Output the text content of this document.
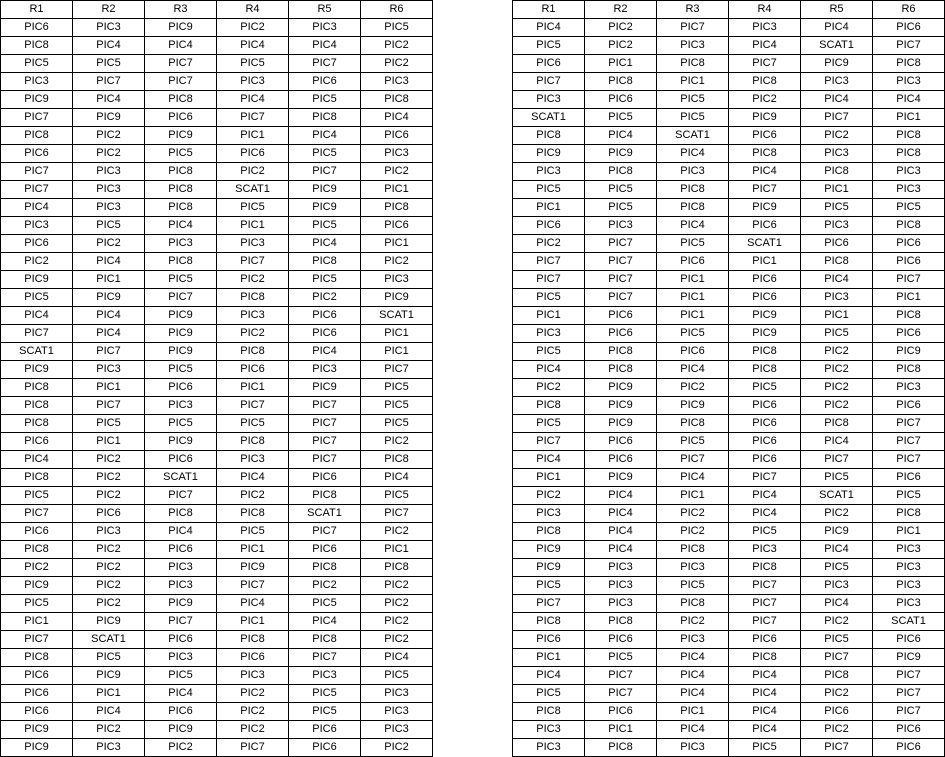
R1	R2	R3	R4	R5	R6
PIC6	PIC3	PIC9	PIC2	PIC3	PIC5
PIC8	PIC4	PIC4	PIC4	PIC4	PIC2
PIC5	PIC5	PIC7	PIC5	PIC7	PIC2
PIC3	PIC7	PIC7	PIC3	PIC6	PIC3
PIC9	PIC4	PIC8	PIC4	PIC5	PIC8
PIC7	PIC9	PIC6	PIC7	PIC8	PIC4
PIC8	PIC2	PIC9	PIC1	PIC4	PIC6
PIC6	PIC2	PIC5	PIC6	PIC5	PIC3
PIC7	PIC3	PIC8	PIC2	PIC7	PIC2
PIC7	PIC3	PIC8	SCAT1	PIC9	PIC1
PIC4	PIC3	PIC8	PIC5	PIC9	PIC8
PIC3	PIC5	PIC4	PIC1	PIC5	PIC6
PIC6	PIC2	PIC3	PIC3	PIC4	PIC1
PIC2	PIC4	PIC8	PIC7	PIC8	PIC2
PIC9	PIC1	PIC5	PIC2	PIC5	PIC3
PIC5	PIC9	PIC7	PIC8	PIC2	PIC9
PIC4	PIC4	PIC9	PIC3	PIC6	SCAT1
PIC7	PIC4	PIC9	PIC2	PIC6	PIC1
SCAT1	PIC7	PIC9	PIC8	PIC4	PIC1
PIC9	PIC3	PIC5	PIC6	PIC3	PIC7
PIC8	PIC1	PIC6	PIC1	PIC9	PIC5
PIC8	PIC7	PIC3	PIC7	PIC7	PIC5
PIC8	PIC5	PIC5	PIC5	PIC7	PIC5
PIC6	PIC1	PIC9	PIC8	PIC7	PIC2
PIC4	PIC2	PIC6	PIC3	PIC7	PIC8
PIC8	PIC2	SCAT1	PIC4	PIC6	PIC4
PIC5	PIC2	PIC7	PIC2	PIC8	PIC5
PIC7	PIC6	PIC8	PIC8	SCAT1	PIC7
PIC6	PIC3	PIC4	PIC5	PIC7	PIC2
PIC8	PIC2	PIC6	PIC1	PIC6	PIC1
PIC2	PIC2	PIC3	PIC9	PIC8	PIC8
PIC9	PIC2	PIC3	PIC7	PIC2	PIC2
PIC5	PIC2	PIC9	PIC4	PIC5	PIC2
PIC1	PIC9	PIC7	PIC1	PIC4	PIC2
PIC7	SCAT1	PIC6	PIC8	PIC8	PIC2
PIC8	PIC5	PIC3	PIC6	PIC7	PIC4
PIC6	PIC9	PIC5	PIC3	PIC3	PIC5
PIC6	PIC1	PIC4	PIC2	PIC5	PIC3
PIC6	PIC4	PIC6	PIC2	PIC5	PIC3
PIC9	PIC2	PIC9	PIC2	PIC6	PIC3
PIC9	PIC3	PIC2	PIC7	PIC6	PIC2
R1	R2	R3	R4	R5	R6
PIC4	PIC2	PIC7	PIC3	PIC4	PIC6
PIC5	PIC2	PIC3	PIC4	SCAT1	PIC7
PIC6	PIC1	PIC8	PIC7	PIC9	PIC8
PIC7	PIC8	PIC1	PIC8	PIC3	PIC3
PIC3	PIC6	PIC5	PIC2	PIC4	PIC4
SCAT1	PIC5	PIC5	PIC9	PIC7	PIC1
PIC8	PIC4	SCAT1	PIC6	PIC2	PIC8
PIC9	PIC9	PIC4	PIC8	PIC3	PIC8
PIC3	PIC8	PIC3	PIC4	PIC8	PIC3
PIC5	PIC5	PIC8	PIC7	PIC1	PIC3
PIC1	PIC5	PIC8	PIC9	PIC5	PIC5
PIC6	PIC3	PIC4	PIC6	PIC3	PIC8
PIC2	PIC7	PIC5	SCAT1	PIC6	PIC6
PIC7	PIC7	PIC6	PIC1	PIC8	PIC6
PIC7	PIC7	PIC1	PIC6	PIC4	PIC7
PIC5	PIC7	PIC1	PIC6	PIC3	PIC1
PIC1	PIC6	PIC1	PIC9	PIC1	PIC8
PIC3	PIC6	PIC5	PIC9	PIC5	PIC6
PIC5	PIC8	PIC6	PIC8	PIC2	PIC9
PIC4	PIC8	PIC4	PIC8	PIC2	PIC8
PIC2	PIC9	PIC2	PIC5	PIC2	PIC3
PIC8	PIC9	PIC9	PIC6	PIC2	PIC6
PIC5	PIC9	PIC8	PIC6	PIC8	PIC7
PIC7	PIC6	PIC5	PIC6	PIC4	PIC7
PIC4	PIC6	PIC7	PIC6	PIC7	PIC7
PIC1	PIC9	PIC4	PIC7	PIC5	PIC6
PIC2	PIC4	PIC1	PIC4	SCAT1	PIC5
PIC3	PIC4	PIC2	PIC4	PIC2	PIC8
PIC8	PIC4	PIC2	PIC5	PIC9	PIC1
PIC9	PIC4	PIC8	PIC3	PIC4	PIC3
PIC9	PIC3	PIC3	PIC8	PIC5	PIC3
PIC5	PIC3	PIC5	PIC7	PIC3	PIC3
PIC7	PIC3	PIC8	PIC7	PIC4	PIC3
PIC8	PIC8	PIC2	PIC7	PIC2	SCAT1
PIC6	PIC6	PIC3	PIC6	PIC5	PIC6
PIC1	PIC5	PIC4	PIC8	PIC7	PIC9
PIC4	PIC7	PIC4	PIC4	PIC8	PIC7
PIC5	PIC7	PIC4	PIC4	PIC2	PIC7
PIC8	PIC6	PIC1	PIC4	PIC6	PIC7
PIC3	PIC1	PIC4	PIC4	PIC2	PIC6
PIC3	PIC8	PIC3	PIC5	PIC7	PIC6
